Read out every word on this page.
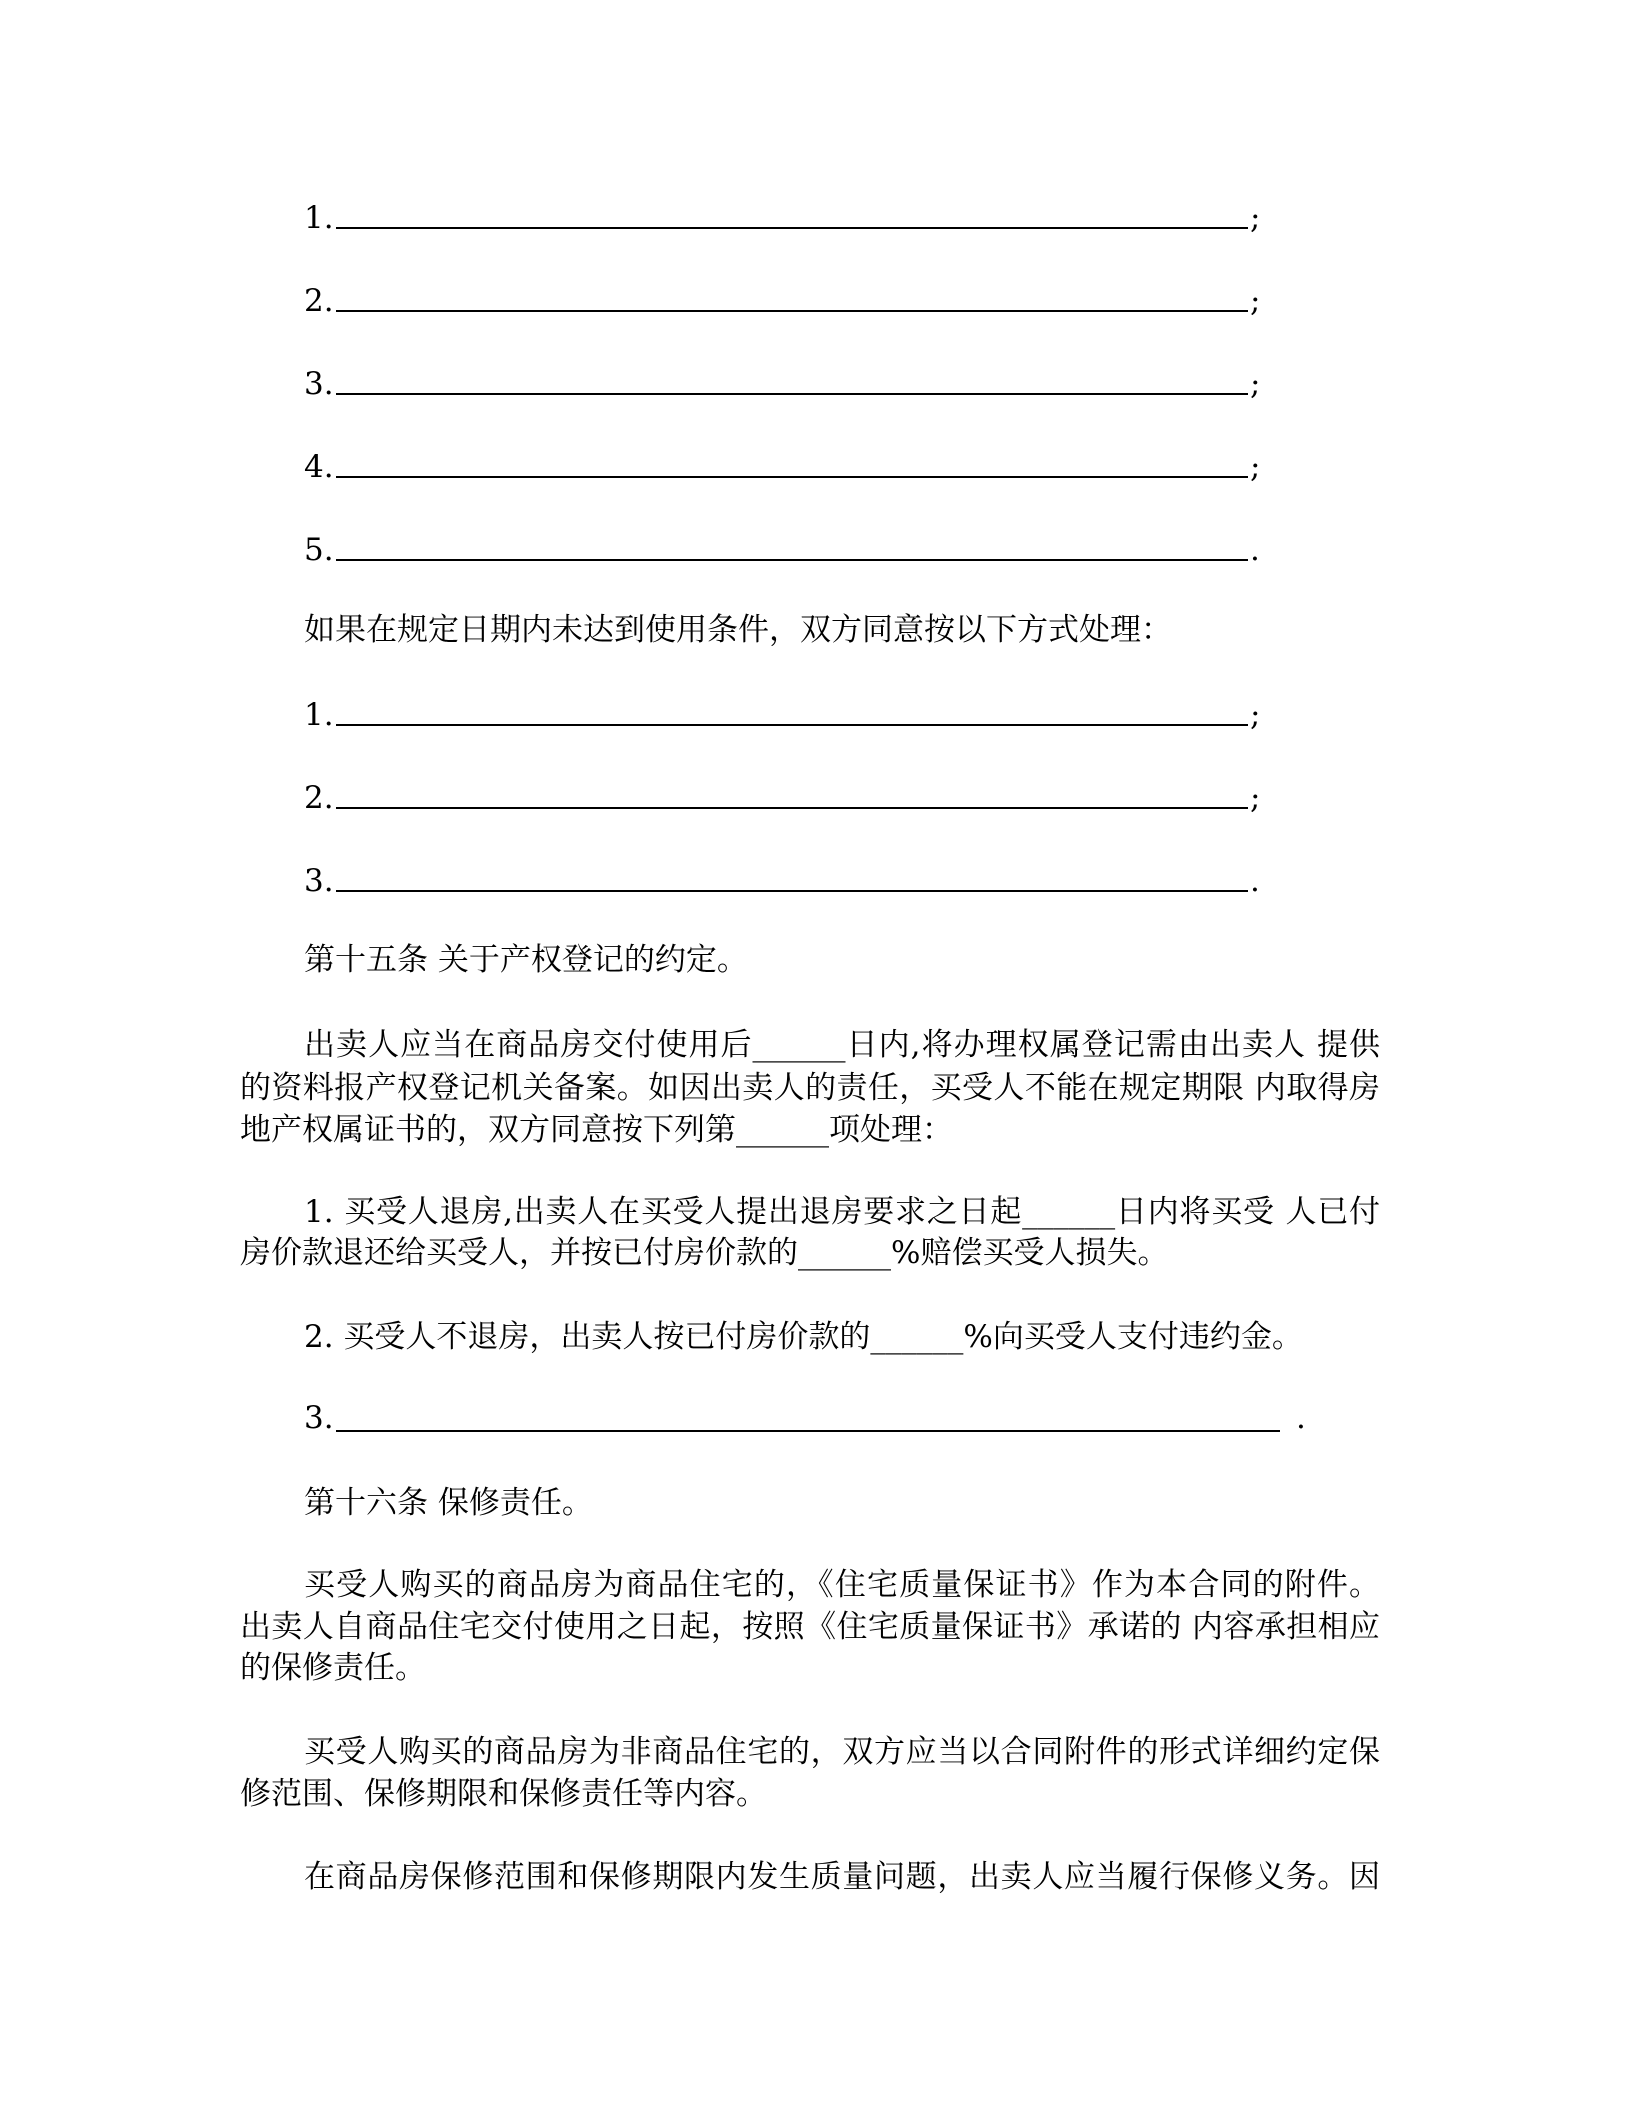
1.	;
2.	;
3.	;
4.	;
5.	.
如果在规定日期内未达到使用条件，双方同意按以下方式处理：
1.	;
2.	;
3.	.
第十五条 关于产权登记的约定。
出卖人应当在商品房交付使用后______日内,将办理权属登记需由出卖人 提供
的资料报产权登记机关备案。如因出卖人的责任，买受人不能在规定期限 内取得房
地产权属证书的，双方同意按下列第______项处理：
1. 买受人退房,出卖人在买受人提出退房要求之日起______日内将买受 人已付
房价款退还给买受人，并按已付房价款的______%赔偿买受人损失。
2. 买受人不退房，出卖人按已付房价款的______%向买受人支付违约金。
3.	.
第十六条 保修责任。
买受人购买的商品房为商品住宅的，《住宅质量保证书》作为本合同的附件。
出卖人自商品住宅交付使用之日起，按照《住宅质量保证书》承诺的 内容承担相应
的保修责任。
买受人购买的商品房为非商品住宅的，双方应当以合同附件的形式详细约定保
修范围、保修期限和保修责任等内容。
在商品房保修范围和保修期限内发生质量问题，出卖人应当履行保修义务。因
